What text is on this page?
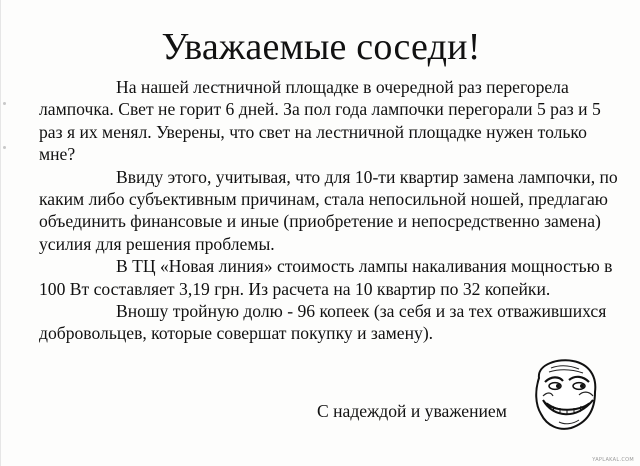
Уважаемые соседи!

На нашей лестничной площадке в очередной раз перегорела лампочка. Свет не горит 6 дней. За пол года лампочки перегорали 5 раз и 5 раз я их менял. Уверены, что свет на лестничной площадке нужен только мне?

Ввиду этого, учитывая, что для 10-ти квартир замена лампочки, по каким либо субъективным причинам, стала непосильной ношей, предлагаю объединить финансовые и иные (приобретение и непосредственно замена) усилия для решения проблемы.

В ТЦ «Новая линия» стоимость лампы накаливания мощностью в 100 Вт составляет 3,19 грн. Из расчета на 10 квартир по 32 копейки.

Вношу тройную долю - 96 копеек (за себя и за тех отважившихся добровольцев, которые совершат покупку и замену).

С надеждой и уважением
YAPLAKAL.COM
